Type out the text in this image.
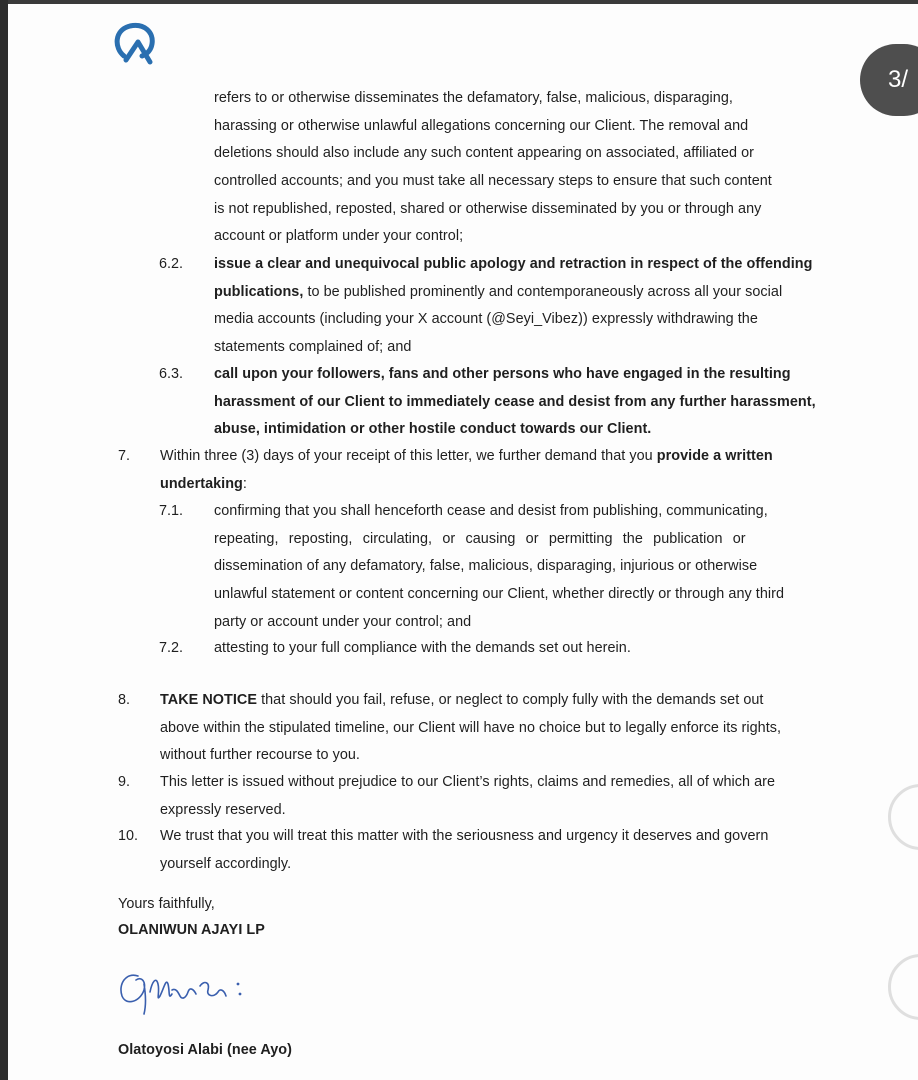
refers to or otherwise disseminates the defamatory, false, malicious, disparaging,
harassing or otherwise unlawful allegations concerning our Client. The removal and
deletions should also include any such content appearing on associated, affiliated or
controlled accounts; and you must take all necessary steps to ensure that such content
is not republished, reposted, shared or otherwise disseminated by you or through any
account or platform under your control;
6.2. issue a clear and unequivocal public apology and retraction in respect of the offending
publications, to be published prominently and contemporaneously across all your social
media accounts (including your X account (@Seyi_Vibez)) expressly withdrawing the
statements complained of; and
6.3. call upon your followers, fans and other persons who have engaged in the resulting
harassment of our Client to immediately cease and desist from any further harassment,
abuse, intimidation or other hostile conduct towards our Client.
7. Within three (3) days of your receipt of this letter, we further demand that you provide a written
undertaking:
7.1. confirming that you shall henceforth cease and desist from publishing, communicating,
repeating, reposting, circulating, or causing or permitting the publication or
dissemination of any defamatory, false, malicious, disparaging, injurious or otherwise
unlawful statement or content concerning our Client, whether directly or through any third
party or account under your control; and
7.2. attesting to your full compliance with the demands set out herein.
8. TAKE NOTICE that should you fail, refuse, or neglect to comply fully with the demands set out
above within the stipulated timeline, our Client will have no choice but to legally enforce its rights,
without further recourse to you.
9. This letter is issued without prejudice to our Client’s rights, claims and remedies, all of which are
expressly reserved.
10. We trust that you will treat this matter with the seriousness and urgency it deserves and govern
yourself accordingly.
Yours faithfully,
OLANIWUN AJAYI LP
Olatoyosi Alabi (nee Ayo)
3/
